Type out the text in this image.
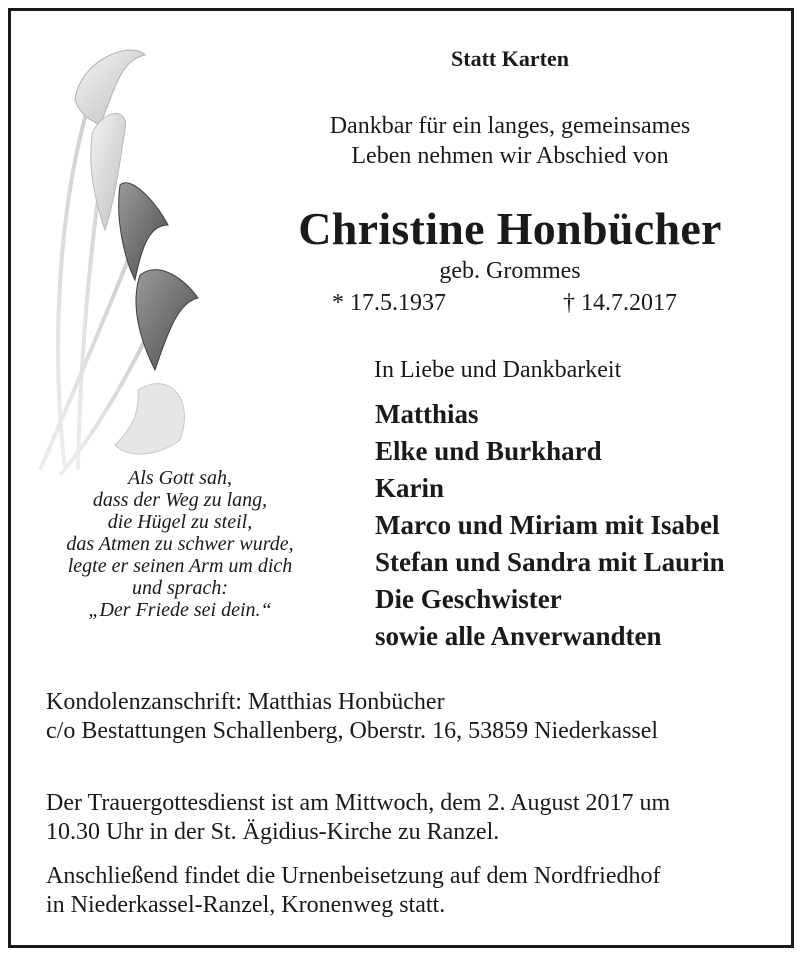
Statt Karten
Dankbar für ein langes, gemeinsames
Leben nehmen wir Abschied von
Christine Honbücher
geb. Grommes
* 17.5.1937	† 14.7.2017
Als Gott sah,
dass der Weg zu lang,
die Hügel zu steil,
das Atmen zu schwer wurde,
legte er seinen Arm um dich
und sprach:
„Der Friede sei dein.“
In Liebe und Dankbarkeit
Matthias
Elke und Burkhard
Karin
Marco und Miriam mit Isabel
Stefan und Sandra mit Laurin
Die Geschwister
sowie alle Anverwandten
Kondolenzanschrift: Matthias Honbücher
c/o Bestattungen Schallenberg, Oberstr. 16, 53859 Niederkassel
Der Trauergottesdienst ist am Mittwoch, dem 2. August 2017 um
10.30 Uhr in der St. Ägidius-Kirche zu Ranzel.
Anschließend findet die Urnenbeisetzung auf dem Nordfriedhof
in Niederkassel-Ranzel, Kronenweg statt.
